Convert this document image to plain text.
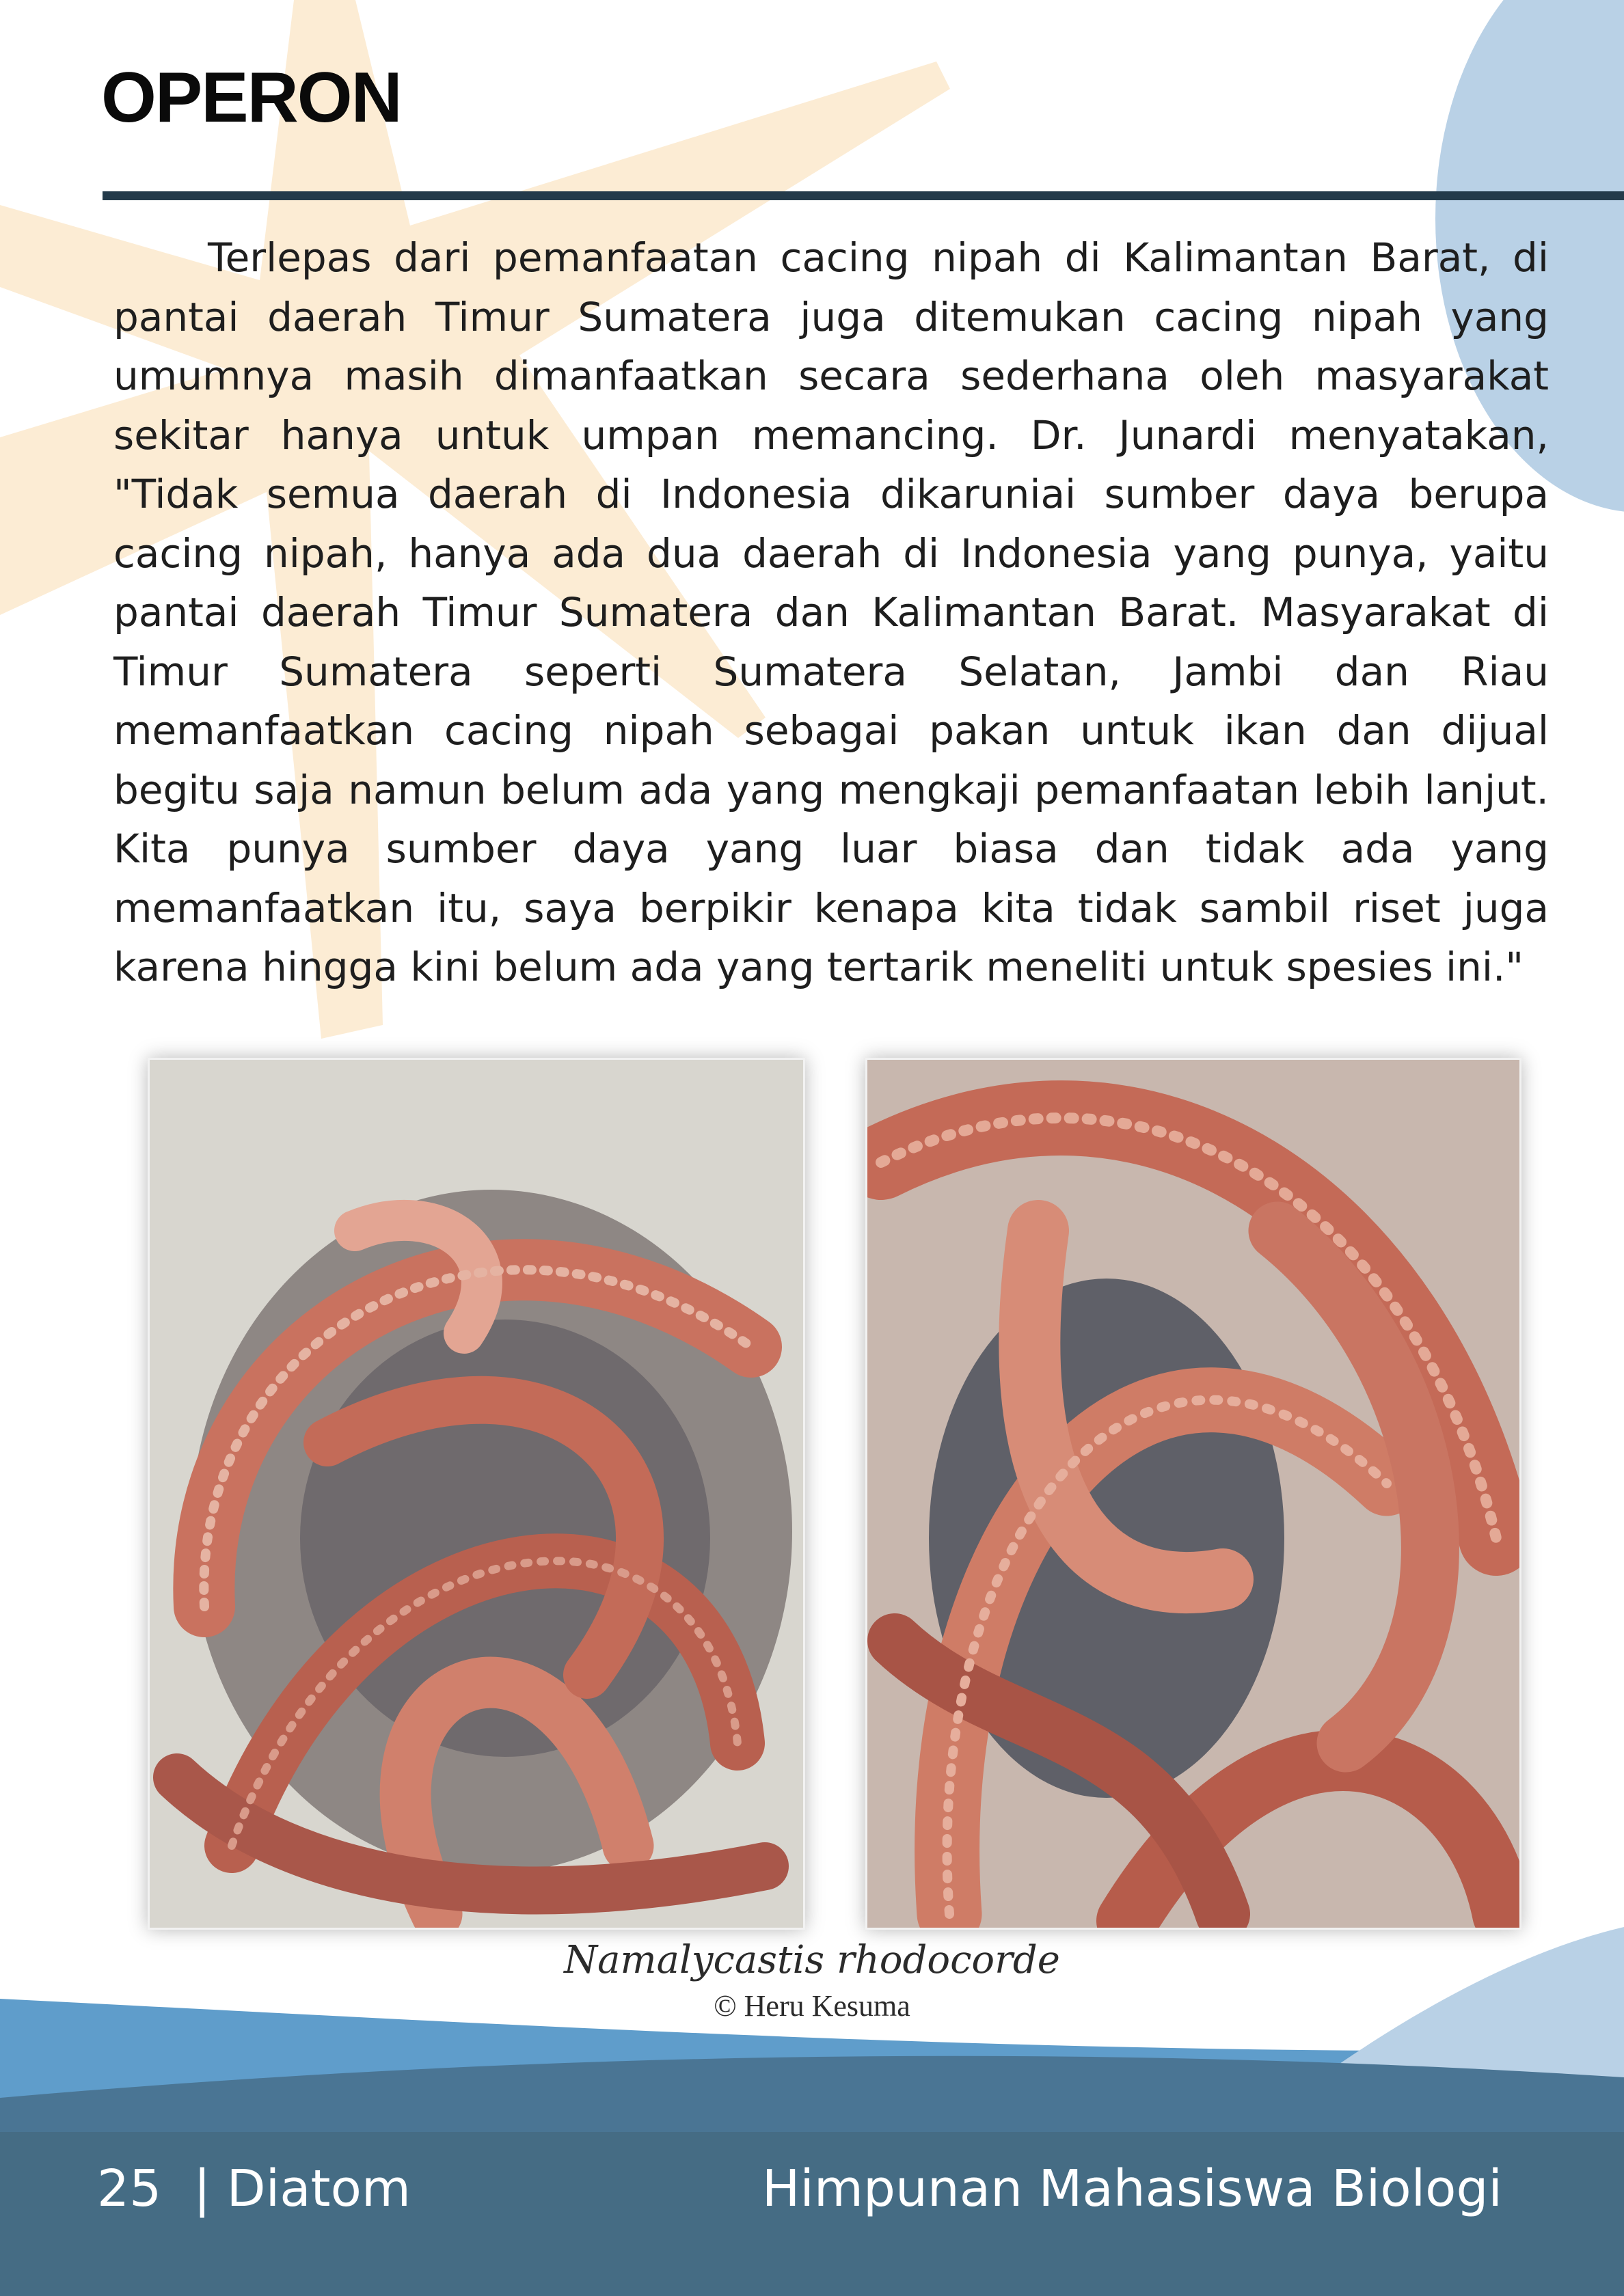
OPERON

Terlepas dari pemanfaatan cacing nipah di Kalimantan Barat, di pantai daerah Timur Sumatera juga ditemukan cacing nipah yang umumnya masih dimanfaatkan secara sederhana oleh masyarakat sekitar hanya untuk umpan memancing. Dr. Junardi menyatakan, "Tidak semua daerah di Indonesia dikaruniai sumber daya berupa cacing nipah, hanya ada dua daerah di Indonesia yang punya, yaitu pantai daerah Timur Sumatera dan Kalimantan Barat. Masyarakat di Timur Sumatera seperti Sumatera Selatan, Jambi dan Riau memanfaatkan cacing nipah sebagai pakan untuk ikan dan dijual begitu saja namun belum ada yang mengkaji pemanfaatan lebih lanjut. Kita punya sumber daya yang luar biasa dan tidak ada yang memanfaatkan itu, saya berpikir kenapa kita tidak sambil riset juga karena hingga kini belum ada yang tertarik meneliti untuk spesies ini."

Namalycastis rhodocorde
© Heru Kesuma
25  | Diatom	Himpunan Mahasiswa Biologi
